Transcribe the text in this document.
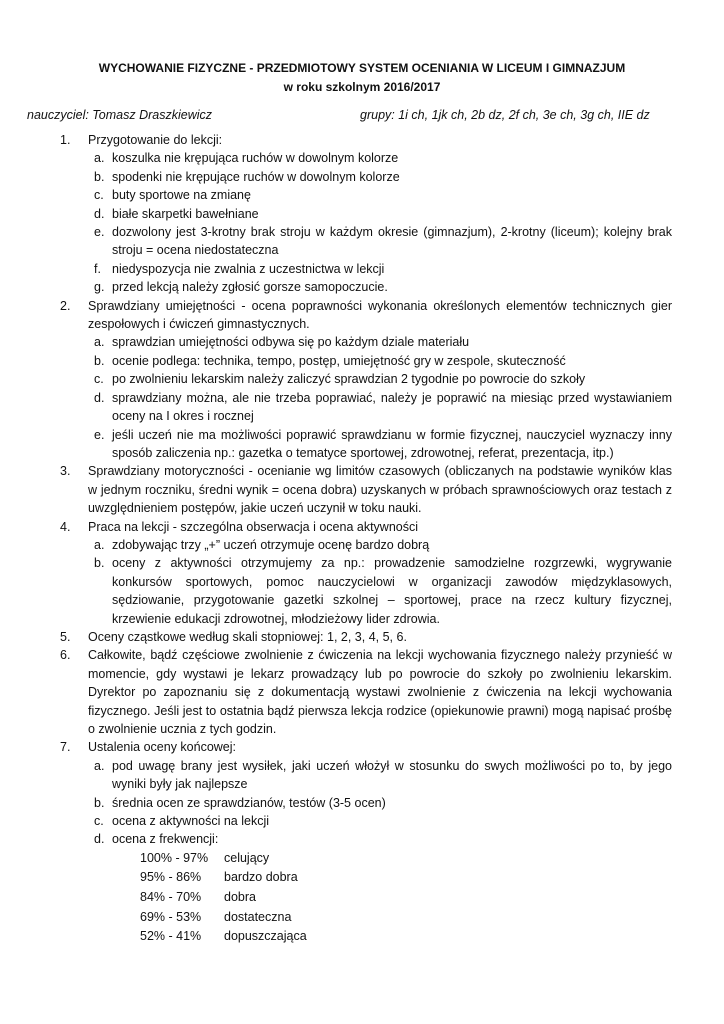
WYCHOWANIE FIZYCZNE - PRZEDMIOTOWY SYSTEM OCENIANIA W LICEUM I GIMNAZJUM
w roku szkolnym 2016/2017
nauczyciel: Tomasz Draszkiewicz	grupy: 1i ch, 1jk ch, 2b dz, 2f ch, 3e ch, 3g ch, IIE dz
1. Przygotowanie do lekcji:
a. koszulka nie krępująca ruchów w dowolnym kolorze
b. spodenki nie krępujące ruchów w dowolnym kolorze
c. buty sportowe na zmianę
d. białe skarpetki bawełniane
e. dozwolony jest 3-krotny brak stroju w każdym okresie (gimnazjum), 2-krotny (liceum); kolejny brak stroju = ocena niedostateczna
f. niedyspozycja nie zwalnia z uczestnictwa w lekcji
g. przed lekcją należy zgłosić gorsze samopoczucie.
2. Sprawdziany umiejętności - ocena poprawności wykonania określonych elementów technicznych gier zespołowych i ćwiczeń gimnastycznych.
a. sprawdzian umiejętności odbywa się po każdym dziale materiału
b. ocenie podlega: technika, tempo, postęp, umiejętność gry w zespole, skuteczność
c. po zwolnieniu lekarskim należy zaliczyć sprawdzian 2 tygodnie po powrocie do szkoły
d. sprawdziany można, ale nie trzeba poprawiać, należy je poprawić na miesiąc przed wystawianiem oceny na I okres i rocznej
e. jeśli uczeń nie ma możliwości poprawić sprawdzianu w formie fizycznej, nauczyciel wyznaczy inny sposób zaliczenia np.: gazetka o tematyce sportowej, zdrowotnej, referat, prezentacja, itp.)
3. Sprawdziany motoryczności - ocenianie wg limitów czasowych (obliczanych na podstawie wyników klas w jednym roczniku, średni wynik = ocena dobra) uzyskanych w próbach sprawnościowych oraz testach z uwzględnieniem postępów, jakie uczeń uczynił w toku nauki.
4. Praca na lekcji - szczególna obserwacja i ocena aktywności
a. zdobywając trzy „+” uczeń otrzymuje ocenę bardzo dobrą
b. oceny z aktywności otrzymujemy za np.: prowadzenie samodzielne rozgrzewki, wygrywanie konkursów sportowych, pomoc nauczycielowi w organizacji zawodów międzyklasowych, sędziowanie, przygotowanie gazetki szkolnej – sportowej, prace na rzecz kultury fizycznej, krzewienie edukacji zdrowotnej, młodzieżowy lider zdrowia.
5. Oceny cząstkowe według skali stopniowej: 1, 2, 3, 4, 5, 6.
6. Całkowite, bądź częściowe zwolnienie z ćwiczenia na lekcji wychowania fizycznego należy przynieść w momencie, gdy wystawi je lekarz prowadzący lub po powrocie do szkoły po zwolnieniu lekarskim. Dyrektor po zapoznaniu się z dokumentacją wystawi zwolnienie z ćwiczenia na lekcji wychowania fizycznego. Jeśli jest to ostatnia bądź pierwsza lekcja rodzice (opiekunowie prawni) mogą napisać prośbę o zwolnienie ucznia z tych godzin.
7. Ustalenia oceny końcowej:
a. pod uwagę brany jest wysiłek, jaki uczeń włożył w stosunku do swych możliwości po to, by jego wyniki były jak najlepsze
b. średnia ocen ze sprawdzianów, testów (3-5 ocen)
c. ocena z aktywności na lekcji
d. ocena z frekwencji:
100% - 97% celujący
95% - 86% bardzo dobra
84% - 70% dobra
69% - 53% dostateczna
52% - 41% dopuszczająca
